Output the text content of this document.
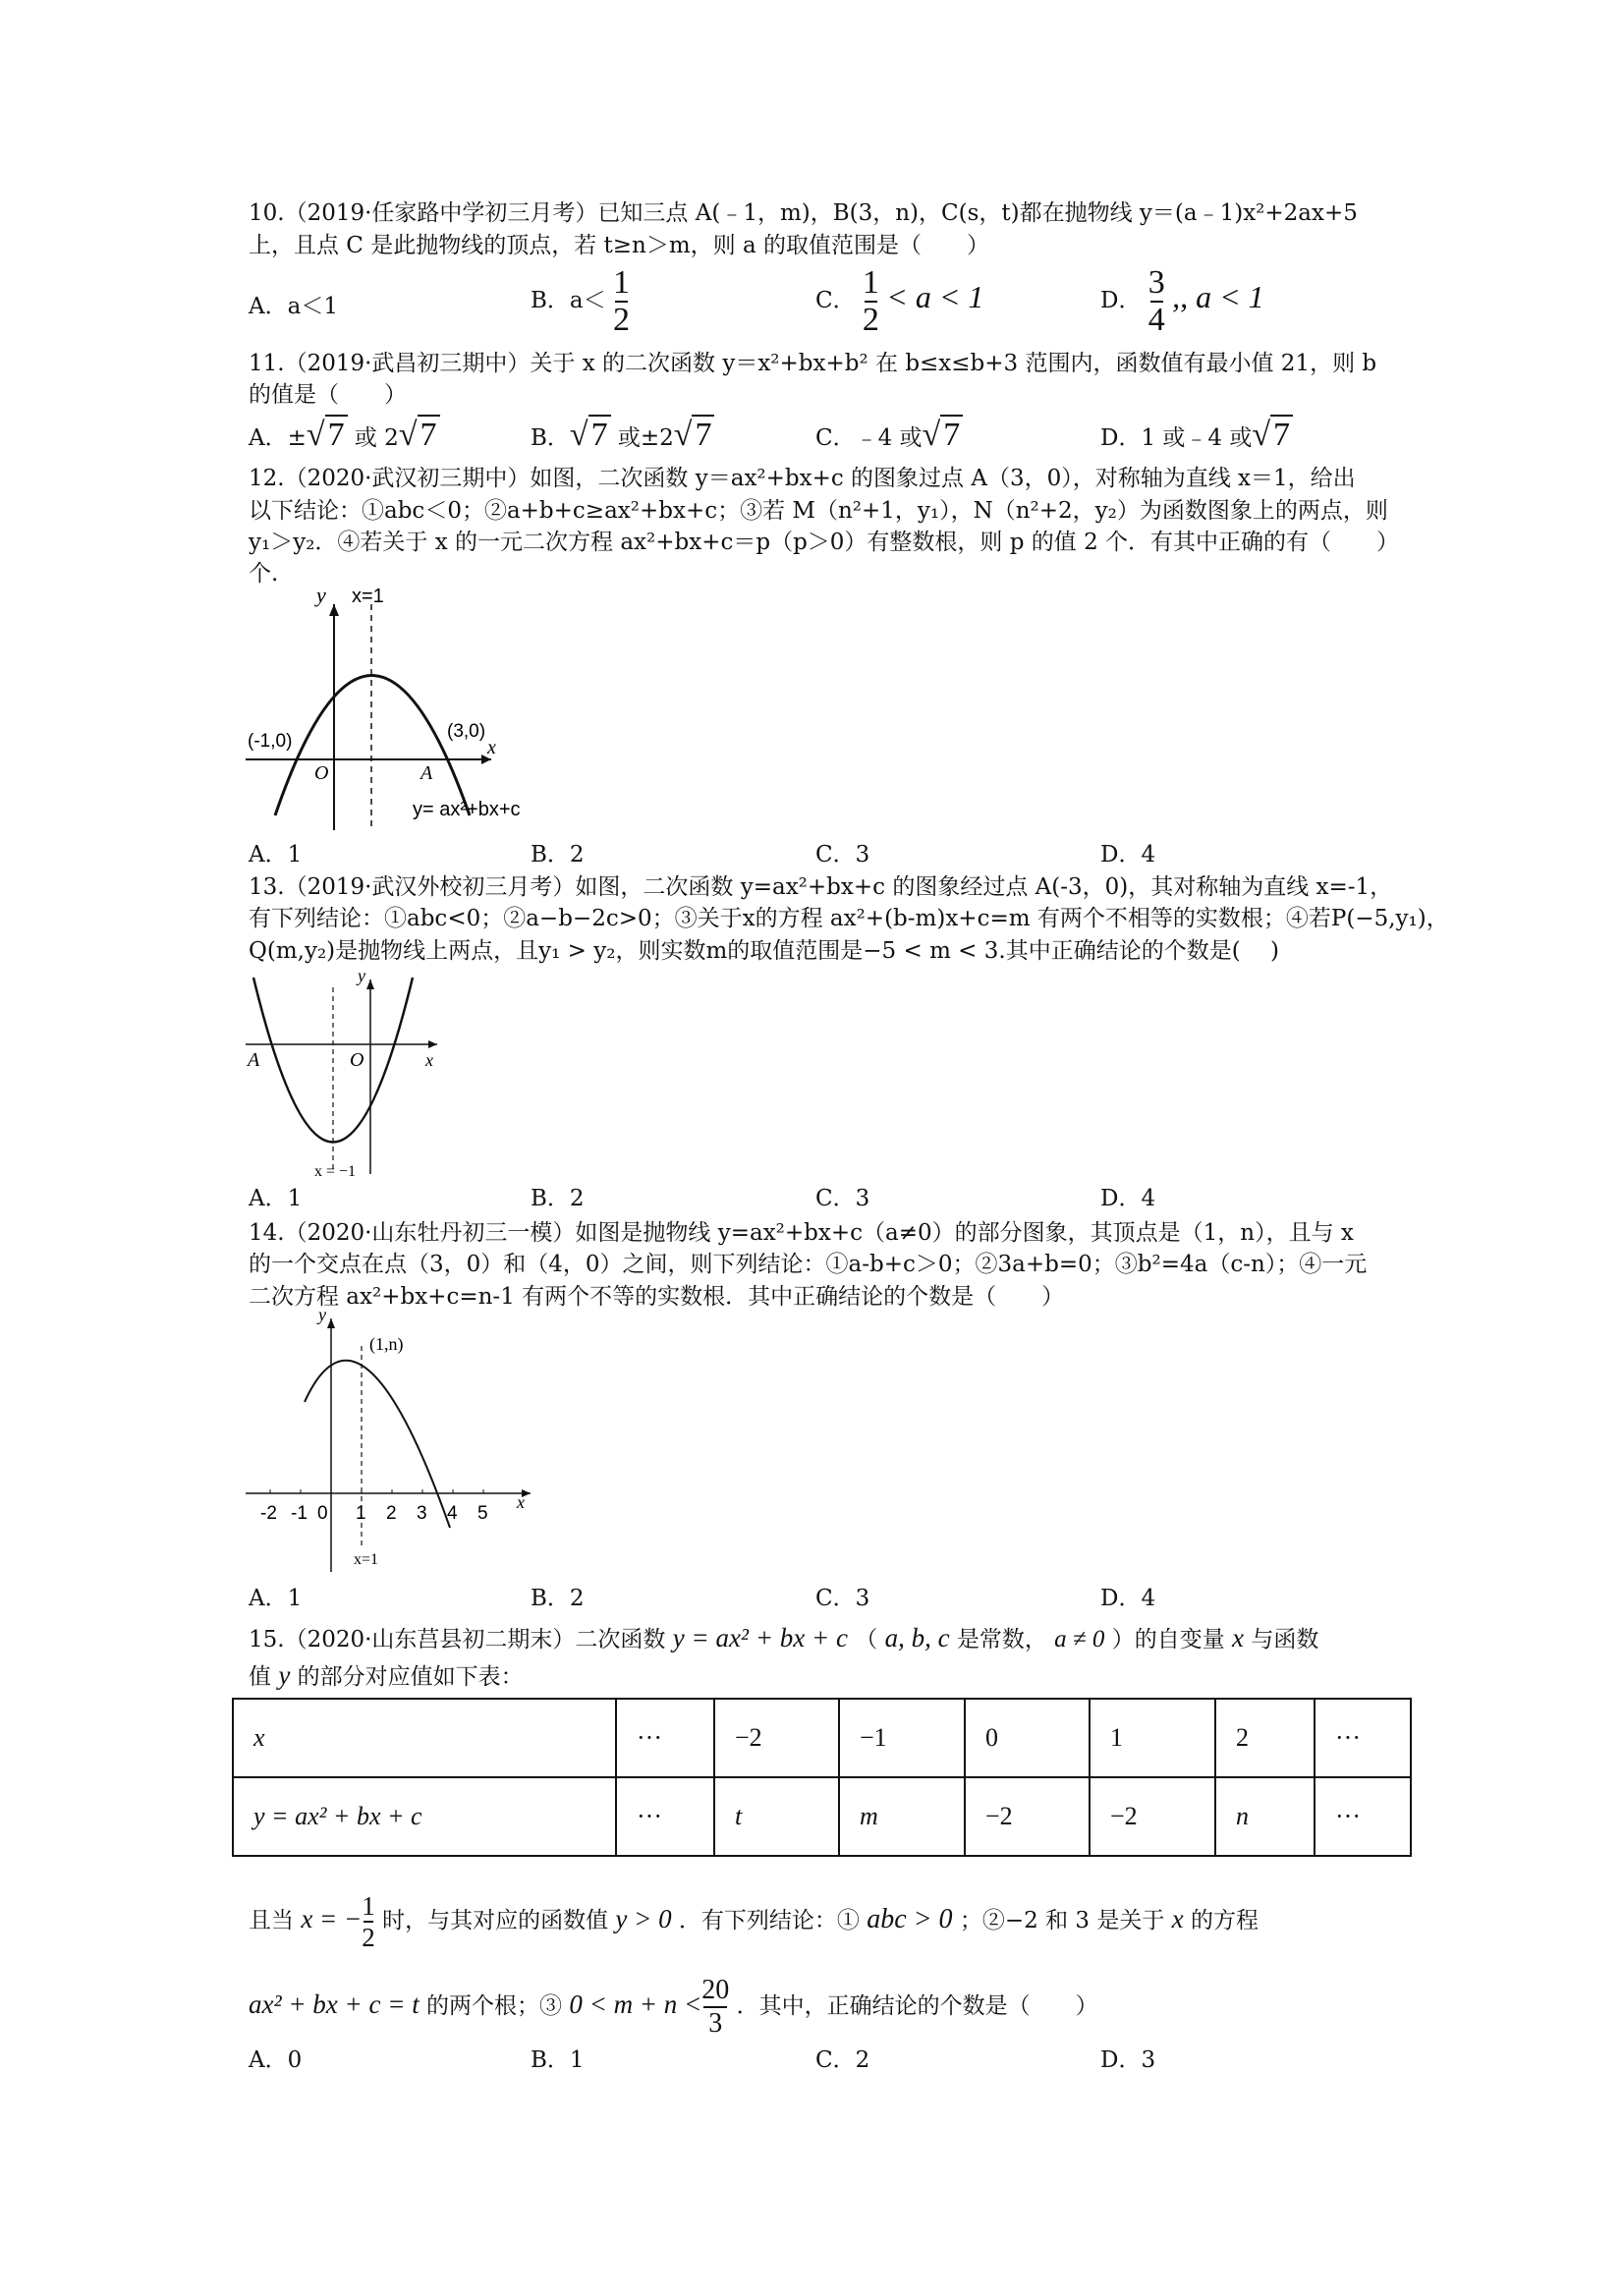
10.（2019·任家路中学初三月考）已知三点 A(﹣1，m)，B(3，n)，C(s，t)都在抛物线 y＝(a﹣1)x²+2ax+5
上，且点 C 是此抛物线的顶点，若 t≥n＞m，则 a 的取值范围是（　　）
A．a＜1	B．$a< \frac{1}{2}$	C． $\frac{1}{2} < a < 1$	D． $\frac{3}{4}$ ,, a < 1
11.（2019·武昌初三期中）关于 x 的二次函数 y＝x²+bx+b² 在 b≤x≤b+3 范围内，函数值有最小值 21，则 b
的值是（　　）
A．±√7 或 2√7	B．√7 或±2√7	C．﹣4 或√7	D．1 或﹣4 或√7
12.（2020·武汉初三期中）如图，二次函数 y＝ax²+bx+c 的图象过点 A（3，0），对称轴为直线 x＝1，给出
以下结论：①abc＜0；②a+b+c≥ax²+bx+c；③若 M（n²+1，y₁），N（n²+2，y₂）为函数图象上的两点，则
y₁＞y₂．④若关于 x 的一元二次方程 ax²+bx+c＝p（p＞0）有整数根，则 p 的值 2 个．有其中正确的有（　　）
个.
y x=1
(-1,0)	(3,0)
O	A
x
y= ax²+bx+c
A．1	B．2	C．3	D．4
13.（2019·武汉外校初三月考）如图，二次函数 y=ax²+bx+c 的图象经过点 A(-3，0)，其对称轴为直线 x=-1，
有下列结论：①abc<0；②a−b−2c>0；③关于x的方程 ax²+(b-m)x+c=m 有两个不相等的实数根；④若P(−5,y₁)，
Q(m,y₂)是抛物线上两点，且y₁ > y₂，则实数m的取值范围是−5 < m < 3.其中正确结论的个数是(　 )
y
A	O	x
x = −1
A．1	B．2	C．3	D．4
14.（2020·山东牡丹初三一模）如图是抛物线 y=ax²+bx+c（a≠0）的部分图象，其顶点是（1，n），且与 x
的一个交点在点（3，0）和（4，0）之间，则下列结论：①a-b+c＞0；②3a+b=0；③b²=4a（c-n）；④一元
二次方程 ax²+bx+c=n-1 有两个不等的实数根．其中正确结论的个数是（　　）
y
(1,n)
-2 -1 0 1 2 3 4 5
x
x=1
A．1	B．2	C．3	D．4
15.（2020·山东莒县初二期末）二次函数 y = ax² + bx + c （ a, b, c 是常数， a ≠ 0 ）的自变量 x 与函数
值 y 的部分对应值如下表：
x	···	−2	−1	0	1	2	···
y = ax² + bx + c	···	t	m	−2	−2	n	···
且当 x = − $\frac{1}{2}$ 时，与其对应的函数值 y > 0 ．有下列结论：① abc > 0 ；②−2 和 3 是关于 x 的方程
ax² + bx + c = t 的两个根；③ $0 < m + n < \frac{20}{3}$ ．其中，正确结论的个数是（　　）
A．0	B．1	C．2	D．3
